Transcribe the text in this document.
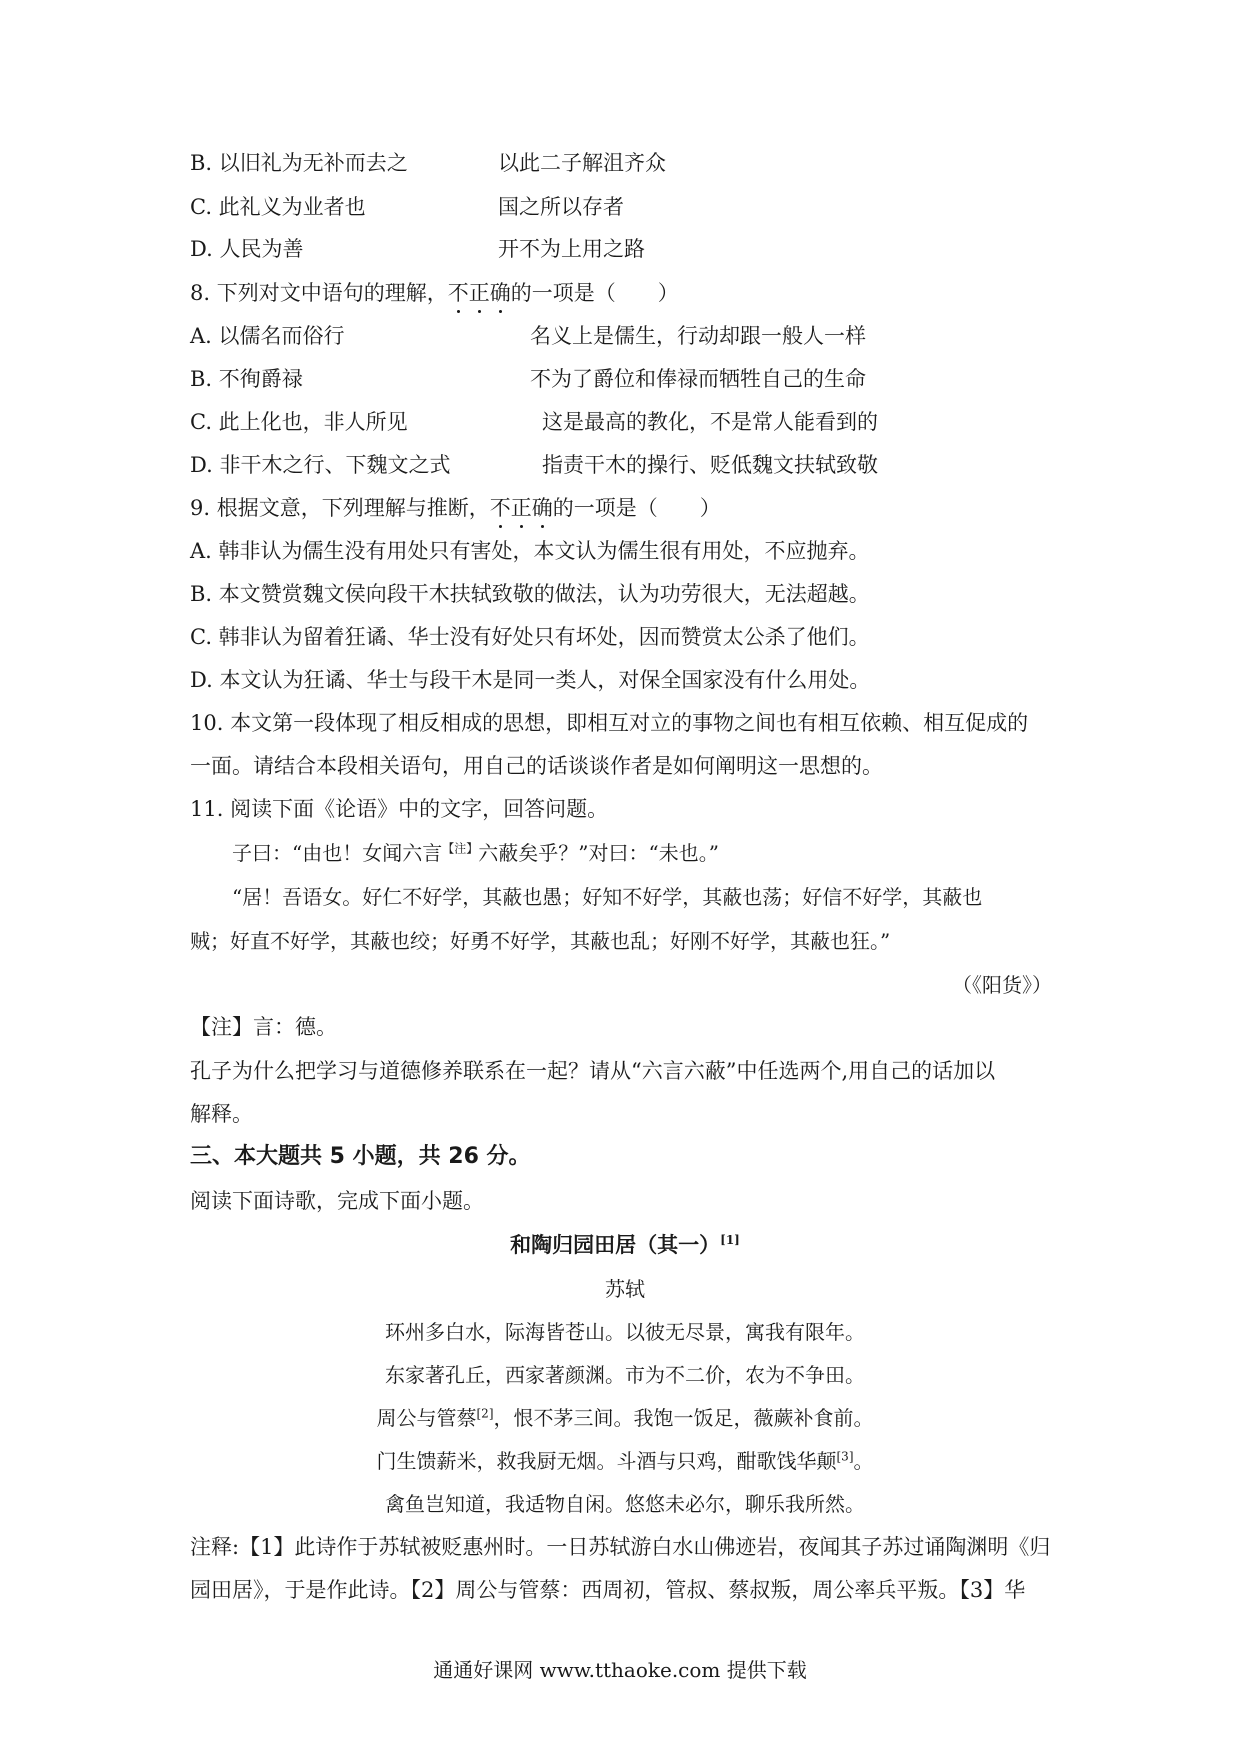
B. 以旧礼为无补而去之	以此二子解沮齐众
C. 此礼义为业者也	国之所以存者
D. 人民为善	开不为上用之路
8. 下列对文中语句的理解，不正确的一项是（　　）
A. 以儒名而俗行	名义上是儒生，行动却跟一般人一样
B. 不徇爵禄	不为了爵位和俸禄而牺牲自己的生命
C. 此上化也，非人所见	这是最高的教化，不是常人能看到的
D. 非干木之行、下魏文之式	指责干木的操行、贬低魏文扶轼致敬
9. 根据文意，下列理解与推断，不正确的一项是（　　）
A. 韩非认为儒生没有用处只有害处，本文认为儒生很有用处，不应抛弃。
B. 本文赞赏魏文侯向段干木扶轼致敬的做法，认为功劳很大，无法超越。
C. 韩非认为留着狂谲、华士没有好处只有坏处，因而赞赏太公杀了他们。
D. 本文认为狂谲、华士与段干木是同一类人，对保全国家没有什么用处。
10. 本文第一段体现了相反相成的思想，即相互对立的事物之间也有相互依赖、相互促成的
一面。请结合本段相关语句，用自己的话谈谈作者是如何阐明这一思想的。
11. 阅读下面《论语》中的文字，回答问题。
子曰：“由也！女闻六言$^{【注】}$六蔽矣乎？”对曰：“未也。”
“居！吾语女。好仁不好学，其蔽也愚；好知不好学，其蔽也荡；好信不好学，其蔽也
贼；好直不好学，其蔽也绞；好勇不好学，其蔽也乱；好刚不好学，其蔽也狂。”
（《阳货》）
【注】言：德。
孔子为什么把学习与道德修养联系在一起？请从“六言六蔽”中任选两个,用自己的话加以
解释。
三、本大题共 5 小题，共 26 分。
阅读下面诗歌，完成下面小题。
和陶归园田居（其一）[1]
苏轼
环州多白水，际海皆苍山。以彼无尽景，寓我有限年。
东家著孔丘，西家著颜渊。市为不二价，农为不争田。
周公与管蔡[2]，恨不茅三间。我饱一饭足，薇蕨补食前。
门生馈薪米，救我厨无烟。斗酒与只鸡，酣歌饯华颠[3]。
禽鱼岂知道，我适物自闲。悠悠未必尔，聊乐我所然。
注释:【1】此诗作于苏轼被贬惠州时。一日苏轼游白水山佛迹岩，夜闻其子苏过诵陶渊明《归
园田居》，于是作此诗。【2】周公与管蔡：西周初，管叔、蔡叔叛，周公率兵平叛。【3】华
通通好课网 www.tthaoke.com 提供下载
